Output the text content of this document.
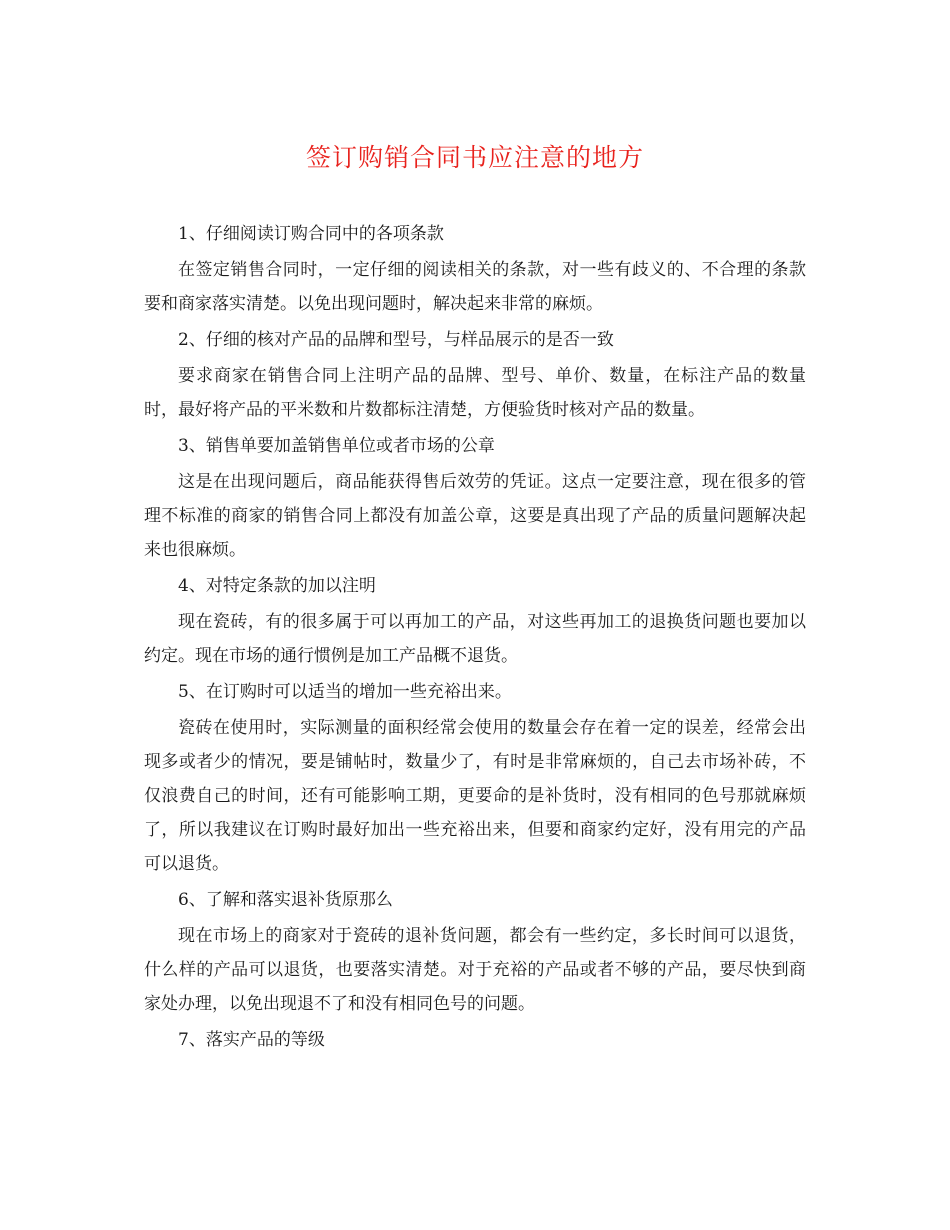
签订购销合同书应注意的地方

1、仔细阅读订购合同中的各项条款

在签定销售合同时，一定仔细的阅读相关的条款，对一些有歧义的、不合理的条款要和商家落实清楚。以免出现问题时，解决起来非常的麻烦。

2、仔细的核对产品的品牌和型号，与样品展示的是否一致

要求商家在销售合同上注明产品的品牌、型号、单价、数量，在标注产品的数量时，最好将产品的平米数和片数都标注清楚，方便验货时核对产品的数量。

3、销售单要加盖销售单位或者市场的公章

这是在出现问题后，商品能获得售后效劳的凭证。这点一定要注意，现在很多的管理不标准的商家的销售合同上都没有加盖公章，这要是真出现了产品的质量问题解决起来也很麻烦。

4、对特定条款的加以注明

现在瓷砖，有的很多属于可以再加工的产品，对这些再加工的退换货问题也要加以约定。现在市场的通行惯例是加工产品概不退货。

5、在订购时可以适当的增加一些充裕出来。

瓷砖在使用时，实际测量的面积经常会使用的数量会存在着一定的误差，经常会出现多或者少的情况，要是铺帖时，数量少了，有时是非常麻烦的，自己去市场补砖，不仅浪费自己的时间，还有可能影响工期，更要命的是补货时，没有相同的色号那就麻烦了，所以我建议在订购时最好加出一些充裕出来，但要和商家约定好，没有用完的产品可以退货。

6、了解和落实退补货原那么

现在市场上的商家对于瓷砖的退补货问题，都会有一些约定，多长时间可以退货，什么样的产品可以退货，也要落实清楚。对于充裕的产品或者不够的产品，要尽快到商家处办理，以免出现退不了和没有相同色号的问题。

7、落实产品的等级
